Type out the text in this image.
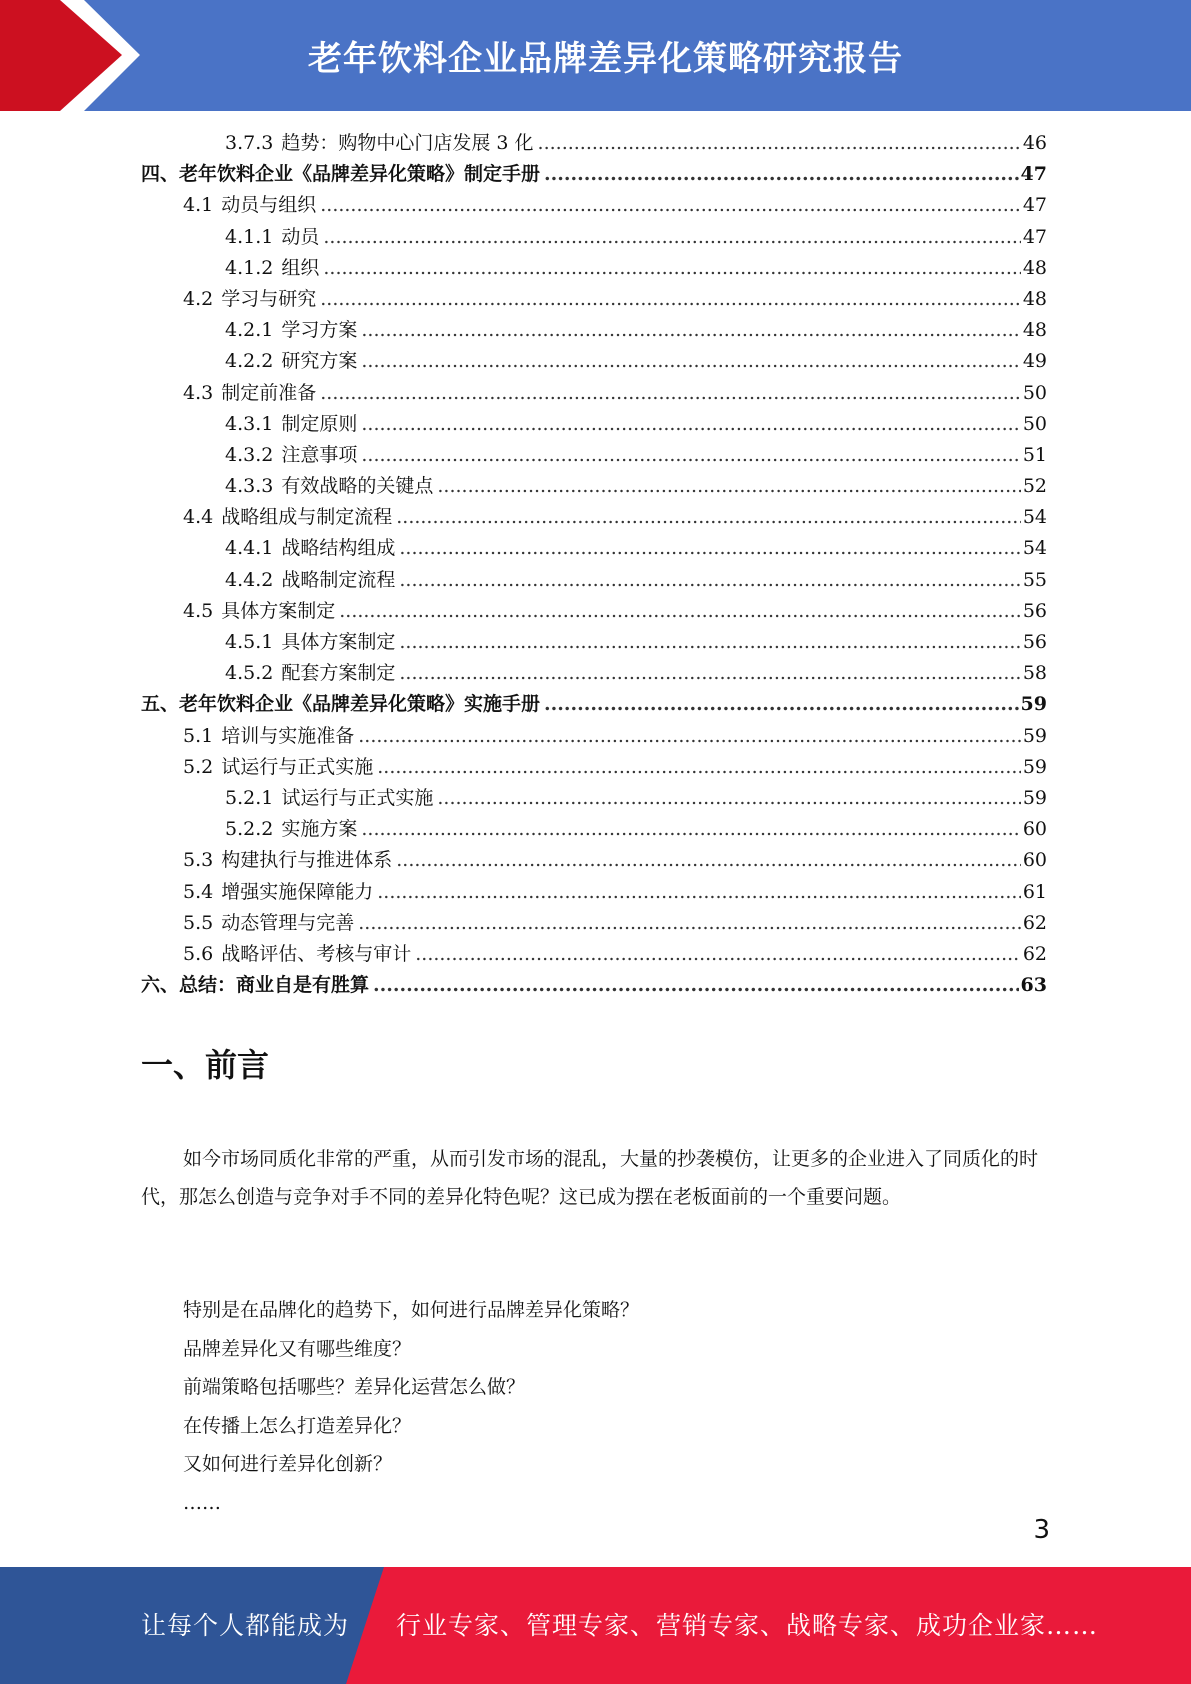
老年饮料企业品牌差异化策略研究报告
3.7.3 趋势：购物中心门店发展 3 化 .....	46
四、老年饮料企业《品牌差异化策略》制定手册 .....	47
4.1 动员与组织 .....	47
4.1.1 动员 .....	47
4.1.2 组织 .....	48
4.2 学习与研究 .....	48
4.2.1 学习方案 .....	48
4.2.2 研究方案 .....	49
4.3 制定前准备 .....	50
4.3.1 制定原则 .....	50
4.3.2 注意事项 .....	51
4.3.3 有效战略的关键点 .....	52
4.4 战略组成与制定流程 .....	54
4.4.1 战略结构组成 .....	54
4.4.2 战略制定流程 .....	55
4.5 具体方案制定 .....	56
4.5.1 具体方案制定 .....	56
4.5.2 配套方案制定 .....	58
五、老年饮料企业《品牌差异化策略》实施手册 .....	59
5.1 培训与实施准备 .....	59
5.2 试运行与正式实施 .....	59
5.2.1 试运行与正式实施 .....	59
5.2.2 实施方案 .....	60
5.3 构建执行与推进体系 .....	60
5.4 增强实施保障能力 .....	61
5.5 动态管理与完善 .....	62
5.6 战略评估、考核与审计 .....	62
六、总结：商业自是有胜算 .....	63
一、前言
如今市场同质化非常的严重，从而引发市场的混乱，大量的抄袭模仿，让更多的企业进入了同质化的时代，那怎么创造与竞争对手不同的差异化特色呢？这已成为摆在老板面前的一个重要问题。
特别是在品牌化的趋势下，如何进行品牌差异化策略？
品牌差异化又有哪些维度？
前端策略包括哪些？差异化运营怎么做？
在传播上怎么打造差异化？
又如何进行差异化创新？
……
3
让每个人都能成为 行业专家、管理专家、营销专家、战略专家、成功企业家……
